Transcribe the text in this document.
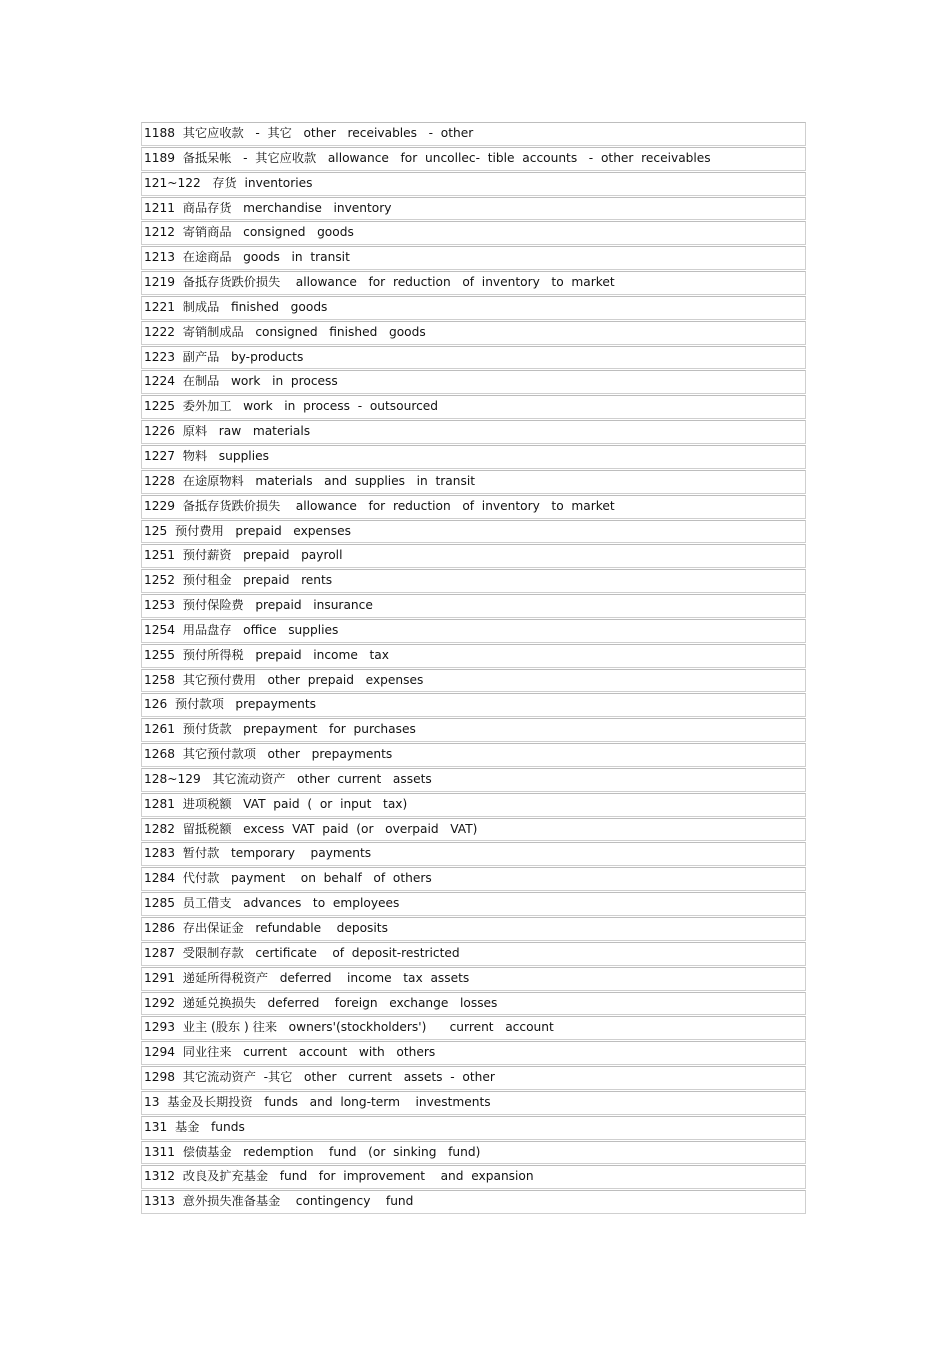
1188  其它应收款   -  其它   other   receivables   -  other
1189  备抵呆帐   -  其它应收款   allowance   for  uncollec-  tible  accounts   -  other  receivables
121~122   存货  inventories
1211  商品存货   merchandise   inventory
1212  寄销商品   consigned   goods
1213  在途商品   goods   in  transit
1219  备抵存货跌价损失    allowance   for  reduction   of  inventory   to  market
1221  制成品   finished   goods
1222  寄销制成品   consigned   finished   goods
1223  副产品   by-products
1224  在制品   work   in  process
1225  委外加工   work   in  process  -  outsourced
1226  原料   raw   materials
1227  物料   supplies
1228  在途原物料   materials   and  supplies   in  transit
1229  备抵存货跌价损失    allowance   for  reduction   of  inventory   to  market
125  预付费用   prepaid   expenses
1251  预付薪资   prepaid   payroll
1252  预付租金   prepaid   rents
1253  预付保险费   prepaid   insurance
1254  用品盘存   office   supplies
1255  预付所得税   prepaid   income   tax
1258  其它预付费用   other  prepaid   expenses
126  预付款项   prepayments
1261  预付货款   prepayment   for  purchases
1268  其它预付款项   other   prepayments
128~129   其它流动资产   other  current   assets
1281  进项税额   VAT  paid  (  or  input   tax)
1282  留抵税额   excess  VAT  paid  (or   overpaid   VAT)
1283  暂付款   temporary    payments
1284  代付款   payment    on  behalf   of  others
1285  员工借支   advances   to  employees
1286  存出保证金   refundable    deposits
1287  受限制存款   certificate    of  deposit-restricted
1291  递延所得税资产   deferred    income   tax  assets
1292  递延兑换损失   deferred    foreign   exchange   losses
1293  业主 (股东 ) 往来   owners'(stockholders')      current   account
1294  同业往来   current   account   with   others
1298  其它流动资产  -其它   other   current   assets  -  other
13  基金及长期投资   funds   and  long-term    investments
131  基金   funds
1311  偿债基金   redemption    fund   (or  sinking   fund)
1312  改良及扩充基金   fund   for  improvement    and  expansion
1313  意外损失准备基金    contingency    fund
